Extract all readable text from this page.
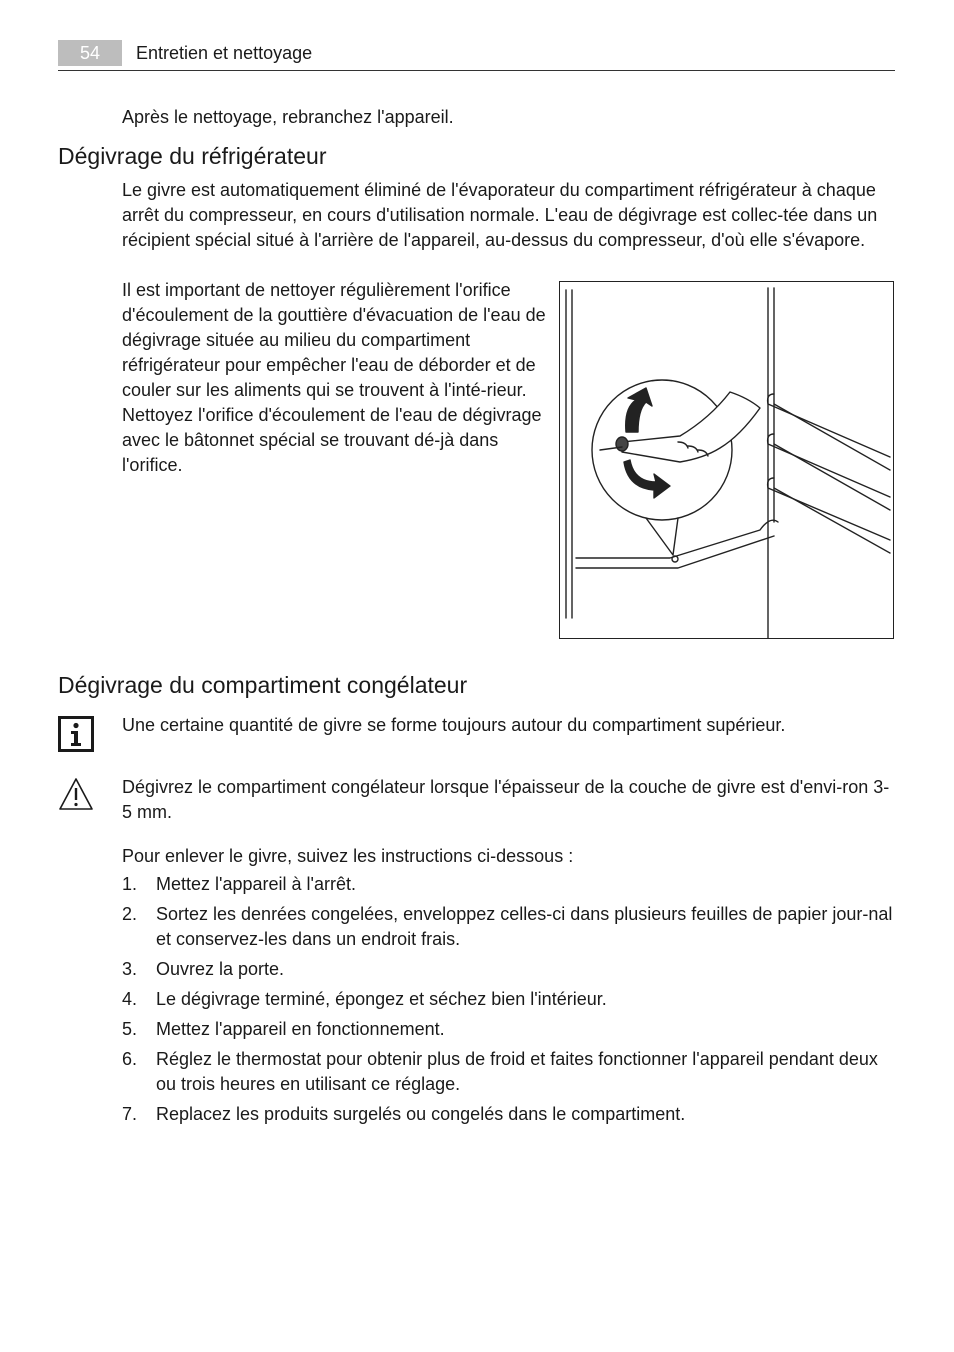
54	Entretien et nettoyage
Après le nettoyage, rebranchez l'appareil.
Dégivrage du réfrigérateur
Le givre est automatiquement éliminé de l'évaporateur du compartiment réfrigérateur à chaque arrêt du compresseur, en cours d'utilisation normale. L'eau de dégivrage est collec-tée dans un récipient spécial situé à l'arrière de l'appareil, au-dessus du compresseur, d'où elle s'évapore.
Il est important de nettoyer régulièrement l'orifice d'écoulement de la gouttière d'évacuation de l'eau de dégivrage située au milieu du compartiment réfrigérateur pour empêcher l'eau de déborder et de couler sur les aliments qui se trouvent à l'inté-rieur. Nettoyez l'orifice d'écoulement de l'eau de dégivrage avec le bâtonnet spécial se trouvant dé-jà dans l'orifice.
Dégivrage du compartiment congélateur
Une certaine quantité de givre se forme toujours autour du compartiment supérieur.
Dégivrez le compartiment congélateur lorsque l'épaisseur de la couche de givre est d'envi-ron 3-5 mm.
Pour enlever le givre, suivez les instructions ci-dessous :
1.	Mettez l'appareil à l'arrêt.
2.	Sortez les denrées congelées, enveloppez celles-ci dans plusieurs feuilles de papier jour-nal et conservez-les dans un endroit frais.
3.	Ouvrez la porte.
4.	Le dégivrage terminé, épongez et séchez bien l'intérieur.
5.	Mettez l'appareil en fonctionnement.
6.	Réglez le thermostat pour obtenir plus de froid et faites fonctionner l'appareil pendant deux ou trois heures en utilisant ce réglage.
7.	Replacez les produits surgelés ou congelés dans le compartiment.
